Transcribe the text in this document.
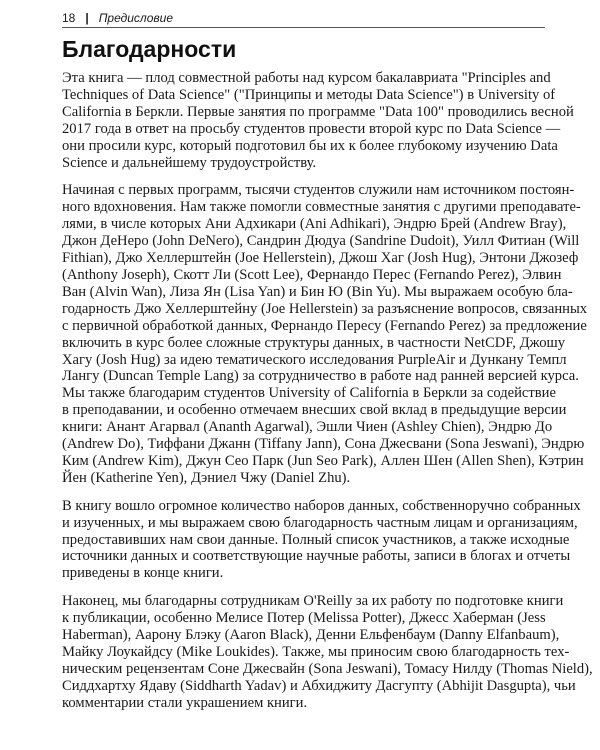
18 | Предисловие
Благодарности
Эта книга — плод совместной работы над курсом бакалавриата "Principles and
Techniques of Data Science" ("Принципы и методы Data Science") в University of
California в Беркли. Первые занятия по программе "Data 100" проводились весной
2017 года в ответ на просьбу студентов провести второй курс по Data Science —
они просили курс, который подготовил бы их к более глубокому изучению Data
Science и дальнейшему трудоустройству.
Начиная с первых программ, тысячи студентов служили нам источником постоян-
ного вдохновения. Нам также помогли совместные занятия с другими преподавате-
лями, в числе которых Ани Адхикари (Ani Adhikari), Эндрю Брей (Andrew Bray),
Джон ДеНеро (John DeNero), Сандрин Дюдуа (Sandrine Dudoit), Уилл Фитиан (Will
Fithian), Джо Хеллерштейн (Joe Hellerstein), Джош Хаг (Josh Hug), Энтони Джозеф
(Anthony Joseph), Скотт Ли (Scott Lee), Фернандо Перес (Fernando Perez), Элвин
Ван (Alvin Wan), Лиза Ян (Lisa Yan) и Бин Ю (Bin Yu). Мы выражаем особую бла-
годарность Джо Хеллерштейну (Joe Hellerstein) за разъяснение вопросов, связанных
с первичной обработкой данных, Фернандо Пересу (Fernando Perez) за предложение
включить в курс более сложные структуры данных, в частности NetCDF, Джошу
Хагу (Josh Hug) за идею тематического исследования PurpleAir и Дункану Темпл
Лангу (Duncan Temple Lang) за сотрудничество в работе над ранней версией курса.
Мы также благодарим студентов University of California в Беркли за содействие
в преподавании, и особенно отмечаем внесших свой вклад в предыдущие версии
книги: Анант Агарвал (Ananth Agarwal), Эшли Чиен (Ashley Chien), Эндрю До
(Andrew Do), Тиффани Джанн (Tiffany Jann), Сона Джесвани (Sona Jeswani), Эндрю
Ким (Andrew Kim), Джун Сео Парк (Jun Seo Park), Аллен Шен (Allen Shen), Кэтрин
Йен (Katherine Yen), Дэниел Чжу (Daniel Zhu).
В книгу вошло огромное количество наборов данных, собственноручно собранных
и изученных, и мы выражаем свою благодарность частным лицам и организациям,
предоставивших нам свои данные. Полный список участников, а также исходные
источники данных и соответствующие научные работы, записи в блогах и отчеты
приведены в конце книги.
Наконец, мы благодарны сотрудникам O'Reilly за их работу по подготовке книги
к публикации, особенно Мелисе Потер (Melissa Potter), Джесс Хаберман (Jess
Haberman), Аарону Блэку (Aaron Black), Денни Ельфенбаум (Danny Elfanbaum),
Майку Лоукайдсу (Mike Loukides). Также, мы приносим свою благодарность тех-
ническим рецензентам Соне Джесвайн (Sona Jeswani), Томасу Нилду (Thomas Nield),
Сиддхартху Ядаву (Siddharth Yadav) и Абхиджиту Дасгупту (Abhijit Dasgupta), чьи
комментарии стали украшением книги.
